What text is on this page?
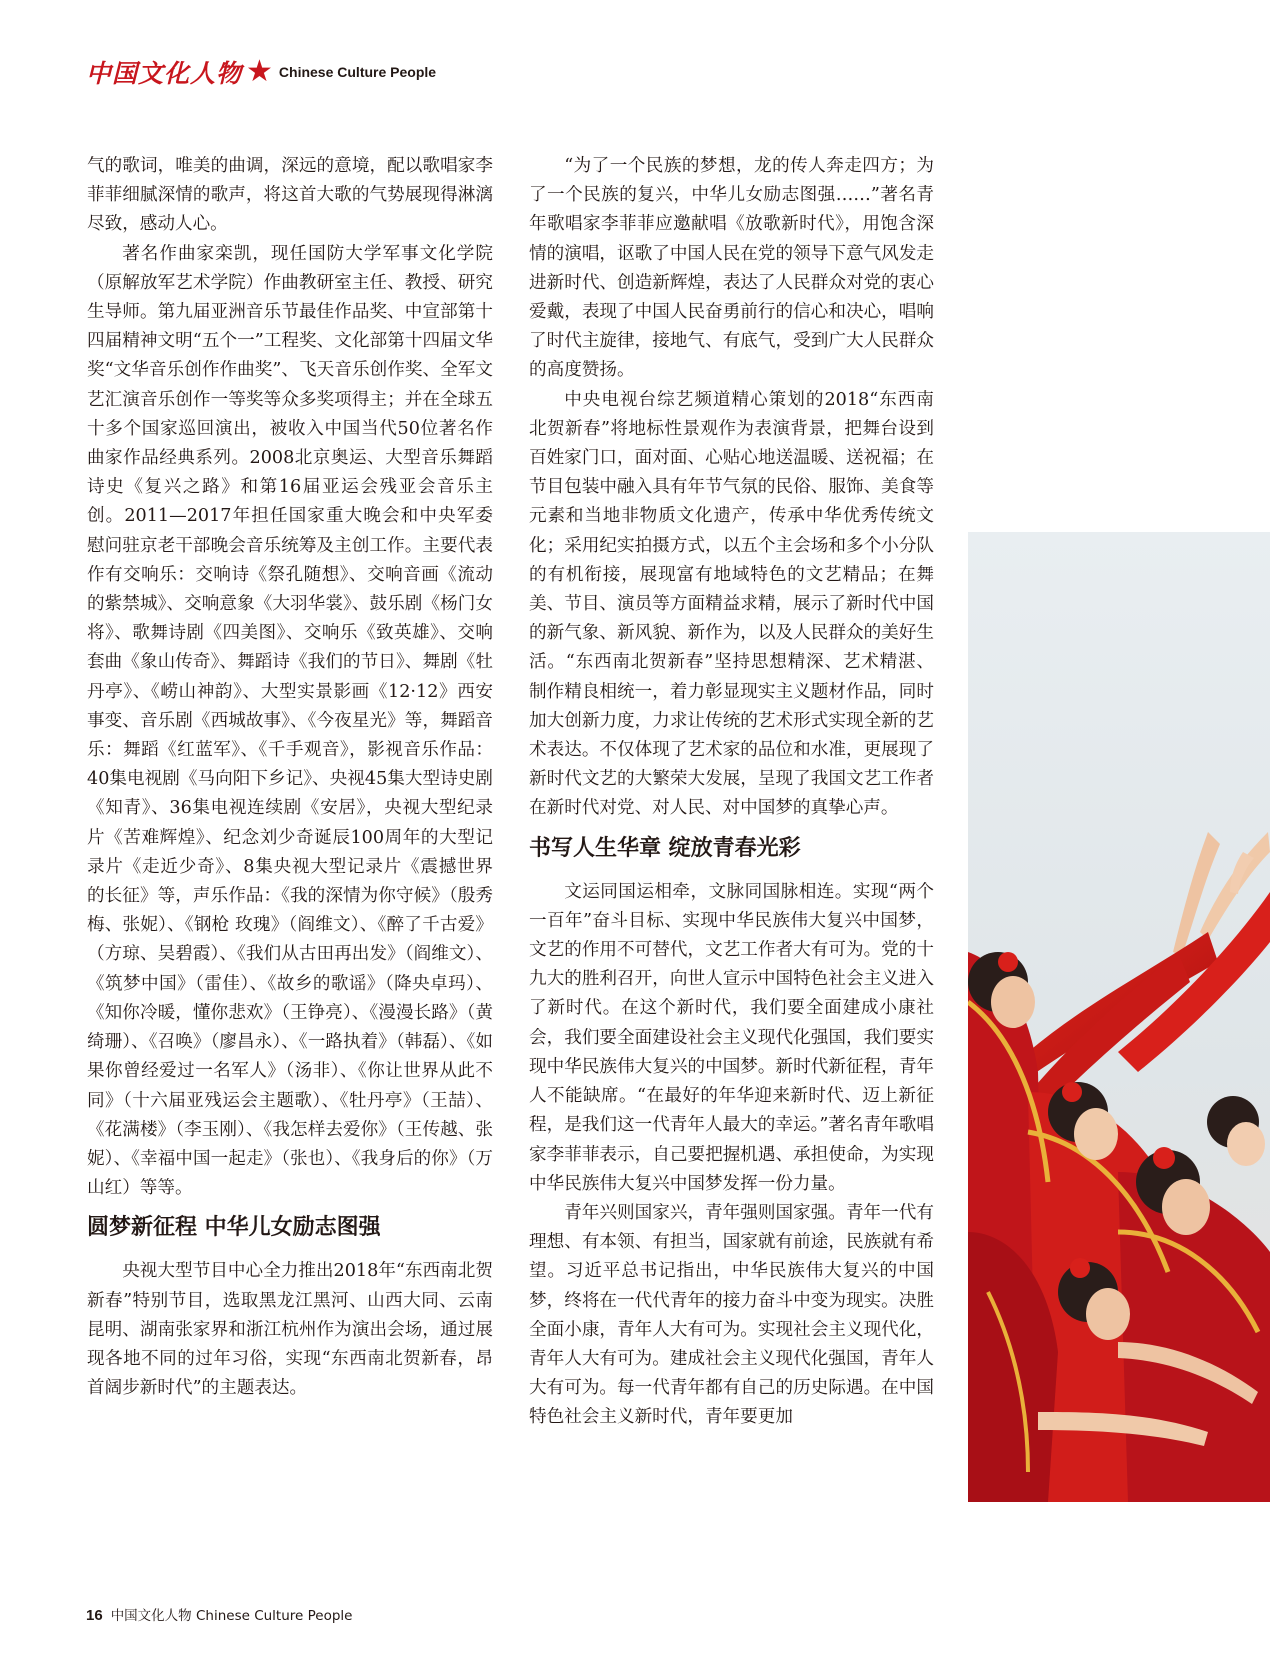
中国文化人物 ★ Chinese Culture People

气的歌词，唯美的曲调，深远的意境，配以歌唱家李菲菲细腻深情的歌声，将这首大歌的气势展现得淋漓尽致，感动人心。

著名作曲家栾凯，现任国防大学军事文化学院（原解放军艺术学院）作曲教研室主任、教授、研究生导师。第九届亚洲音乐节最佳作品奖、中宣部第十四届精神文明“五个一”工程奖、文化部第十四届文华奖“文华音乐创作作曲奖”、飞天音乐创作奖、全军文艺汇演音乐创作一等奖等众多奖项得主；并在全球五十多个国家巡回演出，被收入中国当代50位著名作曲家作品经典系列。2008北京奥运、大型音乐舞蹈诗史《复兴之路》和第16届亚运会残亚会音乐主创。2011—2017年担任国家重大晚会和中央军委慰问驻京老干部晚会音乐统筹及主创工作。主要代表作有交响乐：交响诗《祭孔随想》、交响音画《流动的紫禁城》、交响意象《大羽华裳》、鼓乐剧《杨门女将》、歌舞诗剧《四美图》、交响乐《致英雄》、交响套曲《象山传奇》、舞蹈诗《我们的节日》、舞剧《牡丹亭》、《崂山神韵》、大型实景影画《12·12》西安事变、音乐剧《西城故事》、《今夜星光》等，舞蹈音乐：舞蹈《红蓝军》、《千手观音》，影视音乐作品：40集电视剧《马向阳下乡记》、央视45集大型诗史剧《知青》、36集电视连续剧《安居》，央视大型纪录片《苦难辉煌》、纪念刘少奇诞辰100周年的大型记录片《走近少奇》、8集央视大型记录片《震撼世界的长征》等，声乐作品：《我的深情为你守候》（殷秀梅、张妮）、《钢枪 玫瑰》（阎维文）、《醉了千古爱》（方琼、吴碧霞）、《我们从古田再出发》（阎维文）、《筑梦中国》（雷佳）、《故乡的歌谣》（降央卓玛）、《知你冷暖，懂你悲欢》（王铮亮）、《漫漫长路》（黄绮珊）、《召唤》（廖昌永）、《一路执着》（韩磊）、《如果你曾经爱过一名军人》（汤非）、《你让世界从此不同》（十六届亚残运会主题歌）、《牡丹亭》（王喆）、《花满楼》（李玉刚）、《我怎样去爱你》（王传越、张妮）、《幸福中国一起走》（张也）、《我身后的你》（万山红）等等。

圆梦新征程 中华儿女励志图强

央视大型节目中心全力推出2018年“东西南北贺新春”特别节目，选取黑龙江黑河、山西大同、云南昆明、湖南张家界和浙江杭州作为演出会场，通过展现各地不同的过年习俗，实现“东西南北贺新春，昂首阔步新时代”的主题表达。

“为了一个民族的梦想，龙的传人奔走四方；为了一个民族的复兴，中华儿女励志图强……”著名青年歌唱家李菲菲应邀献唱《放歌新时代》，用饱含深情的演唱，讴歌了中国人民在党的领导下意气风发走进新时代、创造新辉煌，表达了人民群众对党的衷心爱戴，表现了中国人民奋勇前行的信心和决心，唱响了时代主旋律，接地气、有底气，受到广大人民群众的高度赞扬。

中央电视台综艺频道精心策划的2018“东西南北贺新春”将地标性景观作为表演背景，把舞台设到百姓家门口，面对面、心贴心地送温暖、送祝福；在节目包装中融入具有年节气氛的民俗、服饰、美食等元素和当地非物质文化遗产，传承中华优秀传统文化；采用纪实拍摄方式，以五个主会场和多个小分队的有机衔接，展现富有地域特色的文艺精品；在舞美、节目、演员等方面精益求精，展示了新时代中国的新气象、新风貌、新作为，以及人民群众的美好生活。“东西南北贺新春”坚持思想精深、艺术精湛、制作精良相统一，着力彰显现实主义题材作品，同时加大创新力度，力求让传统的艺术形式实现全新的艺术表达。不仅体现了艺术家的品位和水准，更展现了新时代文艺的大繁荣大发展，呈现了我国文艺工作者在新时代对党、对人民、对中国梦的真挚心声。

书写人生华章 绽放青春光彩

文运同国运相牵，文脉同国脉相连。实现“两个一百年”奋斗目标、实现中华民族伟大复兴中国梦，文艺的作用不可替代，文艺工作者大有可为。党的十九大的胜利召开，向世人宣示中国特色社会主义进入了新时代。在这个新时代，我们要全面建成小康社会，我们要全面建设社会主义现代化强国，我们要实现中华民族伟大复兴的中国梦。新时代新征程，青年人不能缺席。“在最好的年华迎来新时代、迈上新征程，是我们这一代青年人最大的幸运。”著名青年歌唱家李菲菲表示，自己要把握机遇、承担使命，为实现中华民族伟大复兴中国梦发挥一份力量。

青年兴则国家兴，青年强则国家强。青年一代有理想、有本领、有担当，国家就有前途，民族就有希望。习近平总书记指出，中华民族伟大复兴的中国梦，终将在一代代青年的接力奋斗中变为现实。决胜全面小康，青年人大有可为。实现社会主义现代化，青年人大有可为。建成社会主义现代化强国，青年人大有可为。每一代青年都有自己的历史际遇。在中国特色社会主义新时代，青年要更加

16 中国文化人物 Chinese Culture People
